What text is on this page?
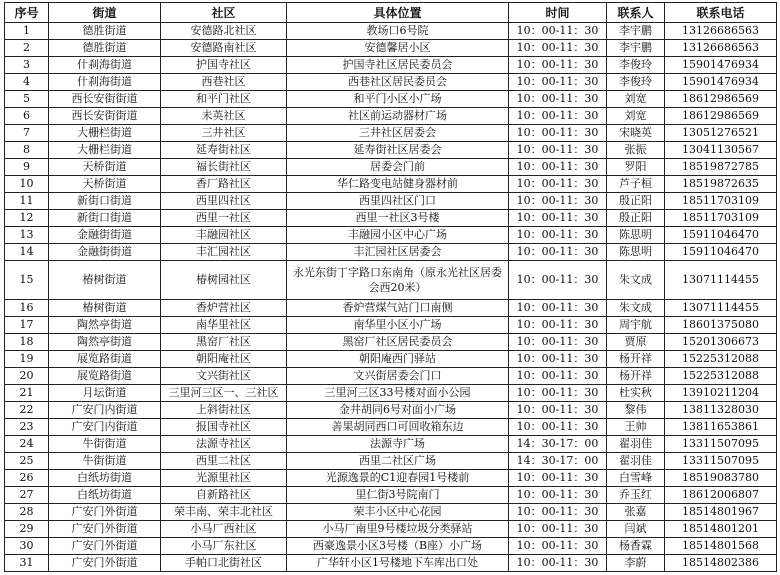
序号	街道	社区	具体位置	时间	联系人	联系电话
1	德胜街道	安德路北社区	教场口6号院	10：00-11：30	李宇鹏	13126686563
2	德胜街道	安德路南社区	安德馨居小区	10：00-11：30	李宇鹏	13126686563
3	什刹海街道	护国寺社区	护国寺社区居民委员会	10：00-11：30	李俊玲	15901476934
4	什刹海街道	西巷社区	西巷社区居民委员会	10：00-11：30	李俊玲	15901476934
5	西长安街街道	和平门社区	和平门小区小广场	10：00-11：30	刘宽	18612986569
6	西长安街街道	未英社区	社区前运动器材广场	10：00-11：30	刘宽	18612986569
7	大栅栏街道	三井社区	三井社区居委会	10：00-11：30	宋晓英	13051276521
8	大栅栏街道	延寿街社区	延寿街社区居委会	10：00-11：30	张振	13041130567
9	天桥街道	福长街社区	居委会门前	10：00-11：30	罗阳	18519872785
10	天桥街道	香厂路社区	华仁路变电站健身器材前	10：00-11：30	芦子桓	18519872635
11	新街口街道	西里四社区	西里四社区门口	10：00-11：30	殷正阳	18511703109
12	新街口街道	西里一社区	西里一社区3号楼	10：00-11：30	殷正阳	18511703109
13	金融街街道	丰融园社区	丰融园小区中心广场	10：00-11：30	陈思明	15911046470
14	金融街街道	丰汇园社区	丰汇园社区居委会	10：00-11：30	陈思明	15911046470
15	椿树街道	椿树园社区	永光东街丁字路口东南角（原永光社区居委会西20米）	10：00-11：30	朱文成	13071114455
16	椿树街道	香炉营社区	香炉营煤气站门口南侧	10：00-11：30	朱文成	13071114455
17	陶然亭街道	南华里社区	南华里小区小广场	10：00-11：30	周宇航	18601375080
18	陶然亭街道	黑窑厂社区	黑窑厂社区居民委员会	10：00-11：30	贾原	15201306673
19	展览路街道	朝阳庵社区	朝阳庵西门驿站	10：00-11：30	杨开祥	15225312088
20	展览路街道	文兴街社区	文兴街居委会门口	10：00-11：30	杨开祥	15225312088
21	月坛街道	三里河三区一、三社区	三里河三区33号楼对面小公园	10：00-11：30	杜实秋	13910211204
22	广安门内街道	上斜街社区	金井胡同6号对面小广场	10：00-11：30	黎伟	13811328030
23	广安门内街道	报国寺社区	善果胡同西口可回收箱东边	10：00-11：30	王帅	13811653861
24	牛街街道	法源寺社区	法源寺广场	14：30-17：00	翟羽佳	13311507095
25	牛街街道	西里二社区	西里二社区广场	14：30-17：00	翟羽佳	13311507095
26	白纸坊街道	光源里社区	光源逸景的C1迎春园1号楼前	10：00-11：30	白雪峰	18519083780
27	白纸坊街道	自新路社区	里仁街3号院南门	10：00-11：30	乔玉红	18612006807
28	广安门外街道	荣丰南、荣丰北社区	荣丰小区中心花园	10：00-11：30	张嘉	18514801967
29	广安门外街道	小马厂西社区	小马厂南里9号楼垃圾分类驿站	10：00-11：30	闫斌	18514801201
30	广安门外街道	小马厂东社区	西豪逸景小区3号楼（B座）小广场	10：00-11：30	杨香霖	18514801568
31	广安门外街道	手帕口北街社区	广华轩小区1号楼地下车库出口处	10：00-11：30	李蔚	18514802386
